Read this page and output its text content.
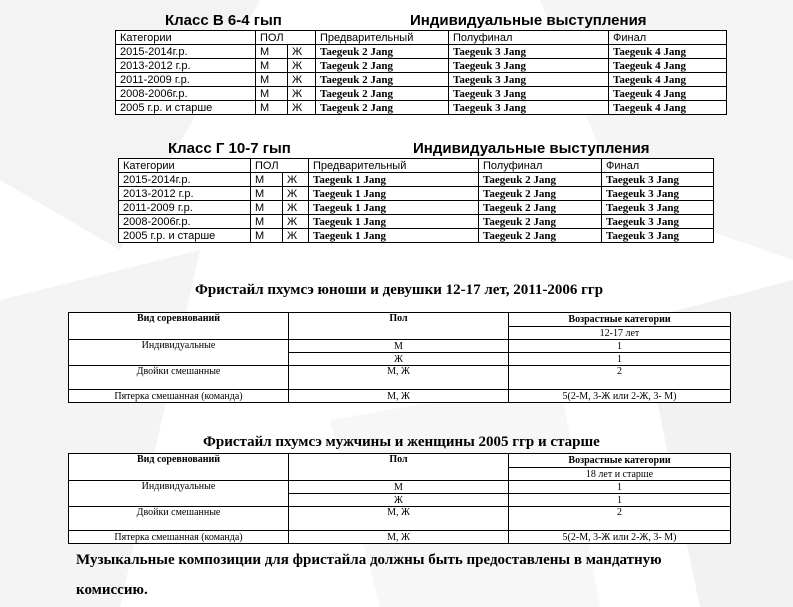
Класс В 6-4 гып	Индивидуальные выступления
Категории	ПОЛ		Предварительный	Полуфинал	Финал
2015-2014г.р.	М	Ж	Taegeuk 2 Jang	Taegeuk 3 Jang	Taegeuk 4 Jang
2013-2012 г.р.	М	Ж	Taegeuk 2 Jang	Taegeuk 3 Jang	Taegeuk 4 Jang
2011-2009 г.р.	М	Ж	Taegeuk 2 Jang	Taegeuk 3 Jang	Taegeuk 4 Jang
2008-2006г.р.	М	Ж	Taegeuk 2 Jang	Taegeuk 3 Jang	Taegeuk 4 Jang
2005 г.р. и старше	М	Ж	Taegeuk 2 Jang	Taegeuk 3 Jang	Taegeuk 4 Jang
Класс Г 10-7 гып	Индивидуальные выступления
Категории	ПОЛ		Предварительный	Полуфинал	Финал
2015-2014г.р.	М	Ж	Taegeuk 1 Jang	Taegeuk 2 Jang	Taegeuk 3 Jang
2013-2012 г.р.	М	Ж	Taegeuk 1 Jang	Taegeuk 2 Jang	Taegeuk 3 Jang
2011-2009 г.р.	М	Ж	Taegeuk 1 Jang	Taegeuk 2 Jang	Taegeuk 3 Jang
2008-2006г.р.	М	Ж	Taegeuk 1 Jang	Taegeuk 2 Jang	Taegeuk 3 Jang
2005 г.р. и старше	М	Ж	Taegeuk 1 Jang	Taegeuk 2 Jang	Taegeuk 3 Jang
Фристайл пхумсэ юноши и девушки 12-17 лет, 2011-2006 ггр
Вид соревнований	Пол	Возрастные категории
		12-17 лет
Индивидуальные	М	1
	Ж	1
Двойки смешанные	М, Ж	2
Пятерка смешанная (команда)	М, Ж	5(2-М, 3-Ж или 2-Ж, 3- М)
Фристайл пхумсэ мужчины и женщины 2005 ггр и старше
Вид соревнований	Пол	Возрастные категории
		18 лет и старше
Индивидуальные	М	1
	Ж	1
Двойки смешанные	М, Ж	2
Пятерка смешанная (команда)	М, Ж	5(2-М, 3-Ж или 2-Ж, 3- М)
Музыкальные композиции для фристайла должны быть предоставлены в мандатную комиссию.
